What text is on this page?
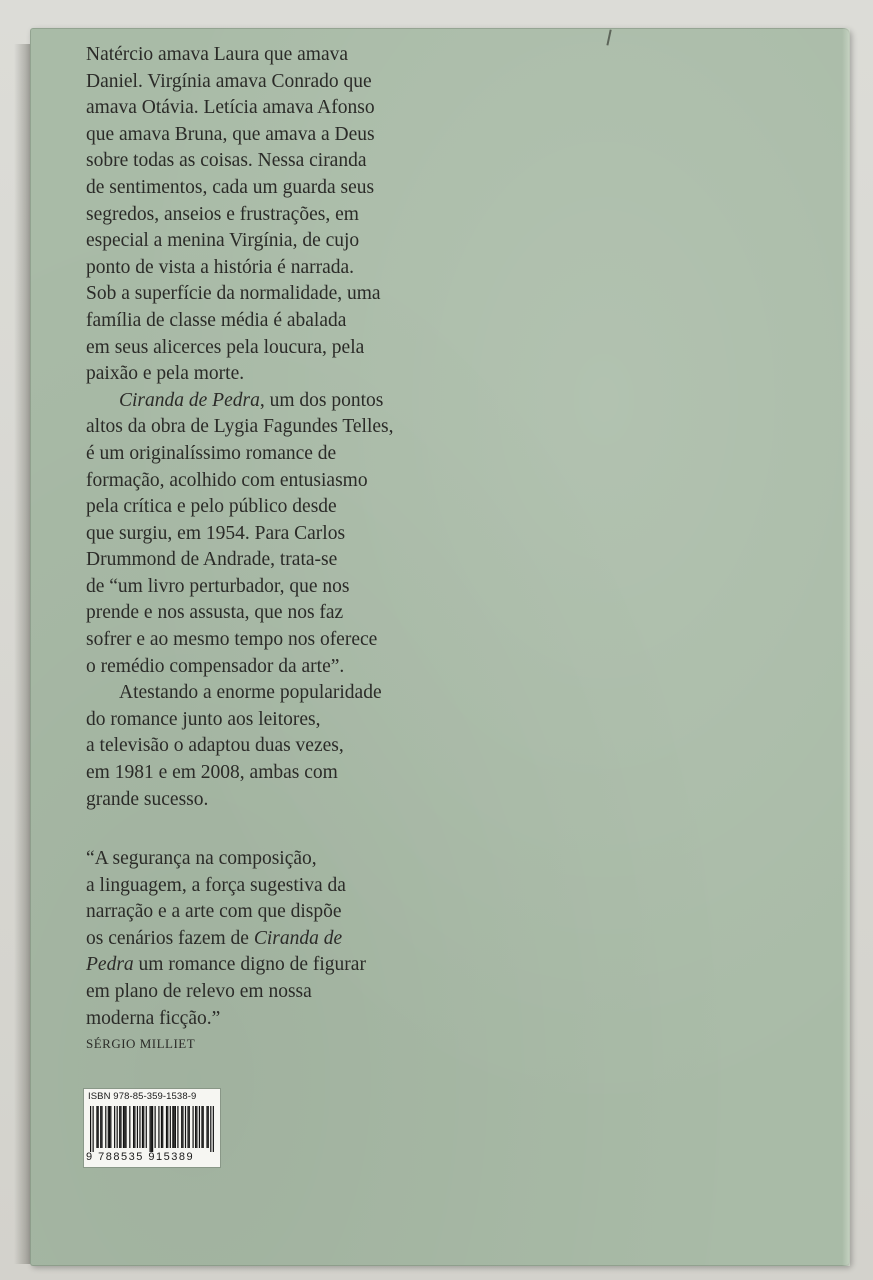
Natércio amava Laura que amava
Daniel. Virgínia amava Conrado que
amava Otávia. Letícia amava Afonso
que amava Bruna, que amava a Deus
sobre todas as coisas. Nessa ciranda
de sentimentos, cada um guarda seus
segredos, anseios e frustrações, em
especial a menina Virgínia, de cujo
ponto de vista a história é narrada.
Sob a superfície da normalidade, uma
família de classe média é abalada
em seus alicerces pela loucura, pela
paixão e pela morte.
Ciranda de Pedra, um dos pontos
altos da obra de Lygia Fagundes Telles,
é um originalíssimo romance de
formação, acolhido com entusiasmo
pela crítica e pelo público desde
que surgiu, em 1954. Para Carlos
Drummond de Andrade, trata-se
de “um livro perturbador, que nos
prende e nos assusta, que nos faz
sofrer e ao mesmo tempo nos oferece
o remédio compensador da arte”.
Atestando a enorme popularidade
do romance junto aos leitores,
a televisão o adaptou duas vezes,
em 1981 e em 2008, ambas com
grande sucesso.
“A segurança na composição,
a linguagem, a força sugestiva da
narração e a arte com que dispõe
os cenários fazem de Ciranda de
Pedra um romance digno de figurar
em plano de relevo em nossa
moderna ficção.”
SÉRGIO MILLIET
ISBN 978-85-359-1538-9
9 788535 915389
